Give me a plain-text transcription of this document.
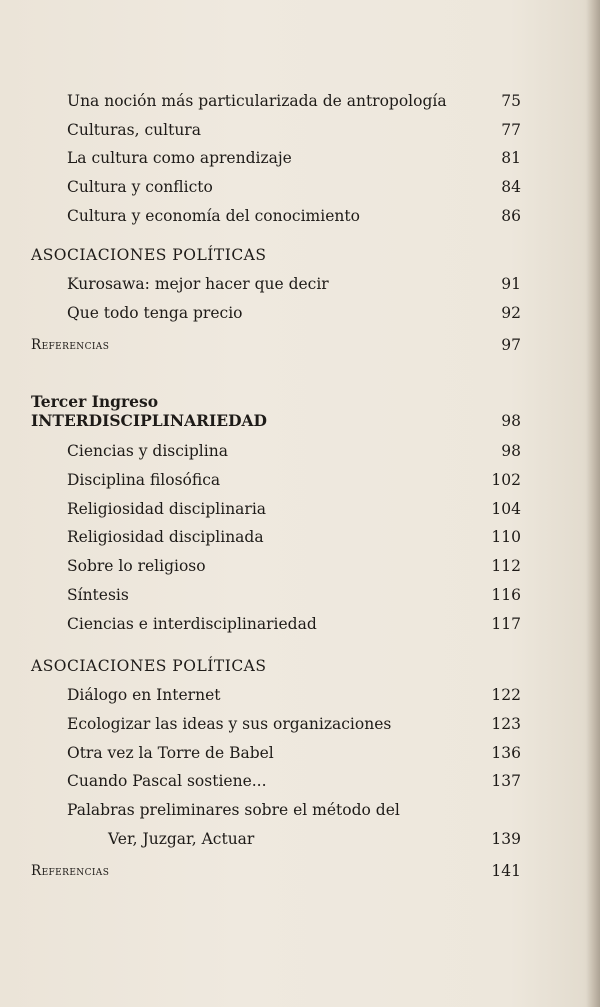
Una noción más particularizada de antropología	75
Culturas, cultura	77
La cultura como aprendizaje	81
Cultura y conflicto	84
Cultura y economía del conocimiento	86
ASOCIACIONES POLÍTICAS
Kurosawa: mejor hacer que decir	91
Que todo tenga precio	92
Referencias	97
Tercer Ingreso
INTERDISCIPLINARIEDAD	98
Ciencias y disciplina	98
Disciplina filosófica	102
Religiosidad disciplinaria	104
Religiosidad disciplinada	110
Sobre lo religioso	112
Síntesis	116
Ciencias e interdisciplinariedad	117
ASOCIACIONES POLÍTICAS
Diálogo en Internet	122
Ecologizar las ideas y sus organizaciones	123
Otra vez la Torre de Babel	136
Cuando Pascal sostiene...	137
Palabras preliminares sobre el método del
Ver, Juzgar, Actuar	139
Referencias	141
